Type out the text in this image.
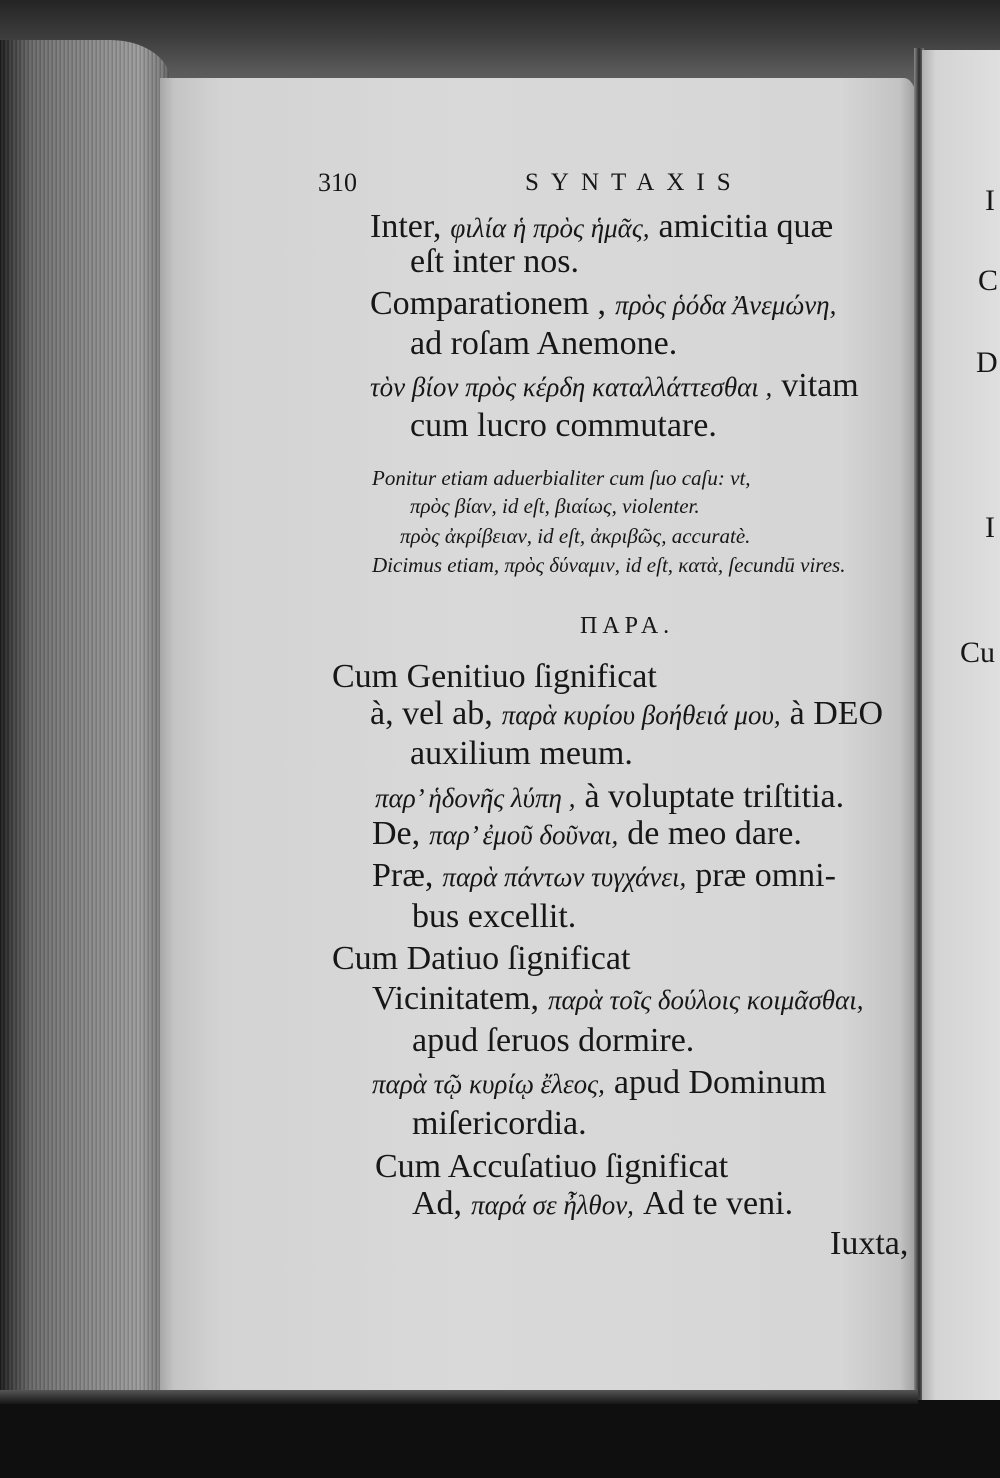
310	SYNTAXIS
Inter, φιλία ἡ πρὸς ἡμᾶς, amicitia quæ
eſt inter nos.
Comparationem , πρὸς ῥόδα Ἀνεμώνη,
ad roſam Anemone.
τὸν βίον πρὸς κέρδη καταλλάττεσθαι , vitam
cum lucro commutare.
Ponitur etiam aduerbialiter cum ſuo caſu: vt,
πρὸς βίαν, id eſt, βιαίως, violenter.
πρὸς ἀκρίβειαν, id eſt, ἀκριβῶς, accuratè.
Dicimus etiam, πρὸς δύναμιν, id eſt, κατὰ, ſecundū vires.
ΠΑΡΑ.
Cum Genitiuo ſignificat
à, vel ab, παρὰ κυρίου βοήθειά μου, à DEO
auxilium meum.
παρ’ ἡδονῆς λύπη , à voluptate triſtitia.
De, παρ’ ἐμοῦ δοῦναι, de meo dare.
Præ, παρὰ πάντων τυγχάνει, præ omni-
bus excellit.
Cum Datiuo ſignificat
Vicinitatem, παρὰ τοῖς δούλοις κοιμᾶσθαι,
apud ſeruos dormire.
παρὰ τῷ κυρίῳ ἔλεος, apud Dominum
miſericordia.
Cum Accuſatiuo ſignificat
Ad, παρά σε ἦλθον, Ad te veni.
Iuxta,
I
C
D
I
Cu
